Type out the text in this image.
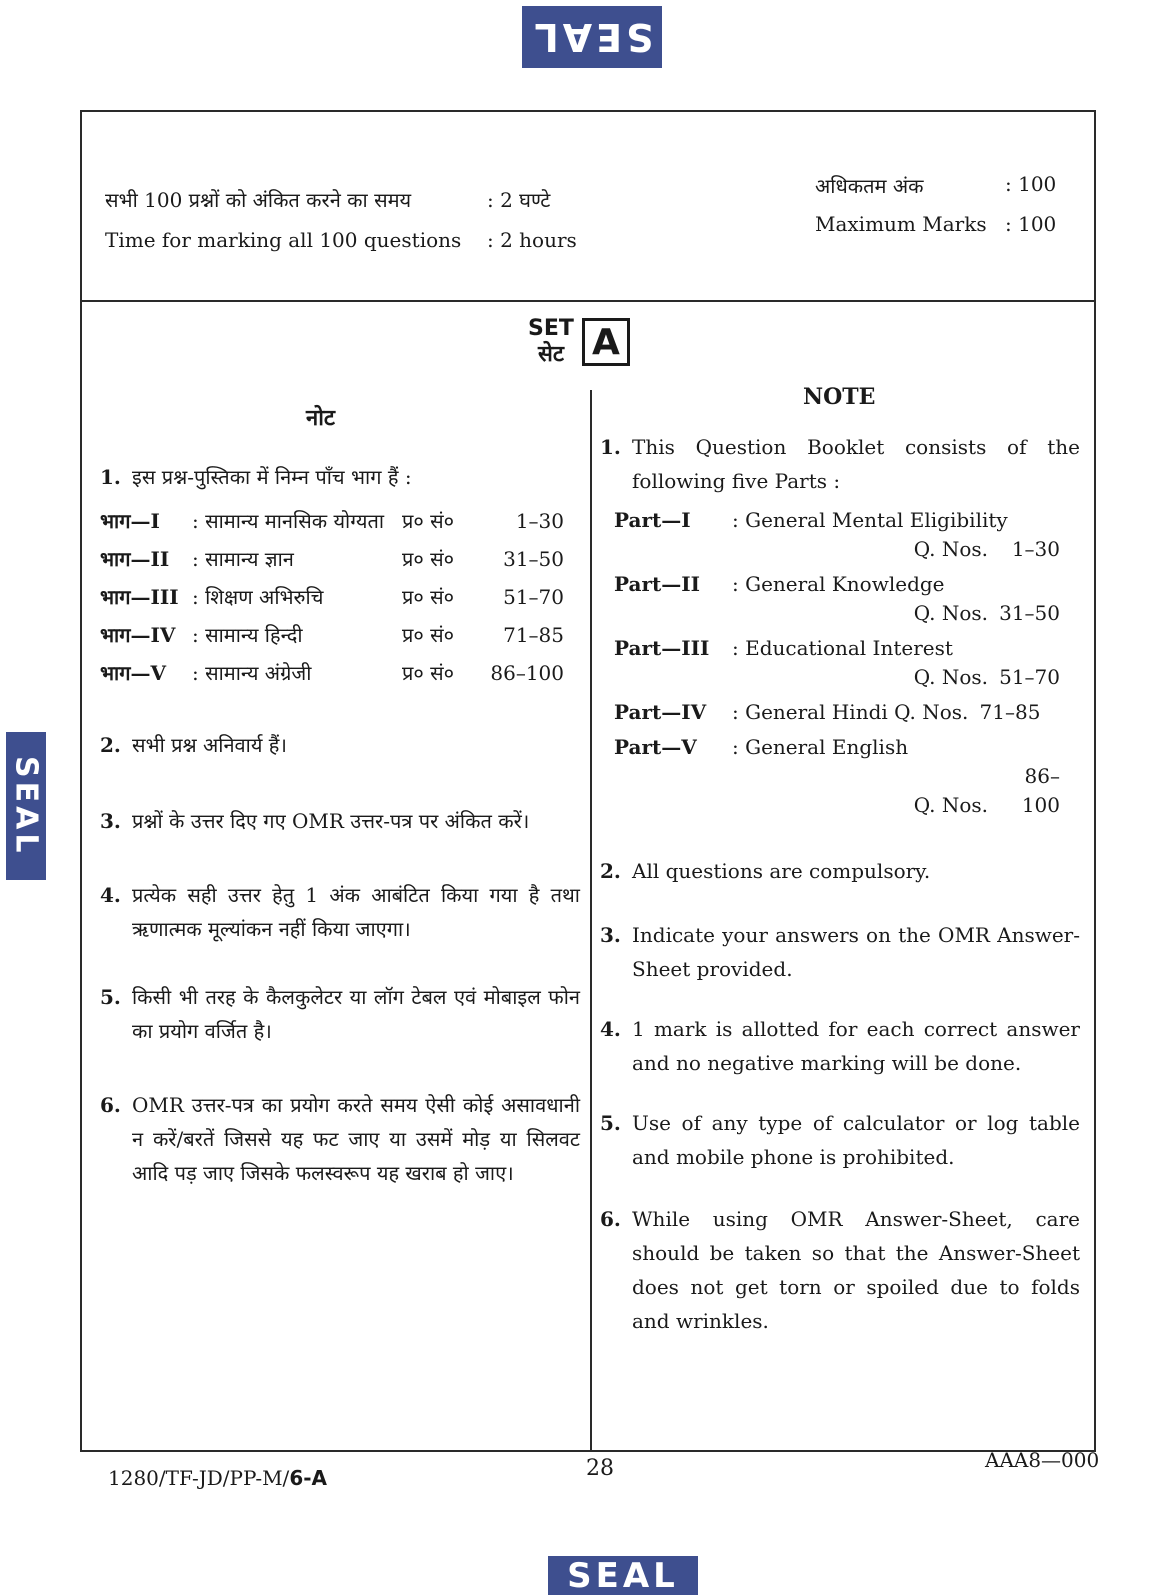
SEAL
SEAL
SEAL
सभी 100 प्रश्नों को अंकित करने का समय	: 2 घण्टे
Time for marking all 100 questions	: 2 hours
अधिकतम अंक	: 100
Maximum Marks : 100
SET
सेट A
नोट
NOTE
1. इस प्रश्न-पुस्तिका में निम्न पाँच भाग हैं :
भाग—I	: सामान्य मानसिक योग्यता प्र० सं०	1–30
भाग—II	: सामान्य ज्ञान	प्र० सं०	31–50
भाग—III : शिक्षण अभिरुचि	प्र० सं०	51–70
भाग—IV : सामान्य हिन्दी	प्र० सं०	71–85
भाग—V	: सामान्य अंग्रेजी	प्र० सं०	86–100
2. सभी प्रश्न अनिवार्य हैं।
3. प्रश्नों के उत्तर दिए गए OMR उत्तर-पत्र पर अंकित करें।
4. प्रत्येक सही उत्तर हेतु 1 अंक आबंटित किया गया है तथा ऋणात्मक मूल्यांकन नहीं किया जाएगा।
5. किसी भी तरह के कैलकुलेटर या लॉग टेबल एवं मोबाइल फोन का प्रयोग वर्जित है।
6. OMR उत्तर-पत्र का प्रयोग करते समय ऐसी कोई असावधानी न करें/बरतें जिससे यह फट जाए या उसमें मोड़ या सिलवट आदि पड़ जाए जिसके फलस्वरूप यह खराब हो जाए।
1. This Question Booklet consists of the following five Parts :
Part—I : General Mental Eligibility
Q. Nos. 1–30
Part—II : General Knowledge
Q. Nos. 31–50
Part—III : Educational Interest
Q. Nos. 51–70
Part—IV : General Hindi Q. Nos. 71–85
Part—V : General English
Q. Nos.86–100
2. All questions are compulsory.
3. Indicate your answers on the OMR Answer-Sheet provided.
4. 1 mark is allotted for each correct answer and no negative marking will be done.
5. Use of any type of calculator or log table and mobile phone is prohibited.
6. While using OMR Answer-Sheet, care should be taken so that the Answer-Sheet does not get torn or spoiled due to folds and wrinkles.
1280/TF-JD/PP-M/6-A	28	AAA8—000
